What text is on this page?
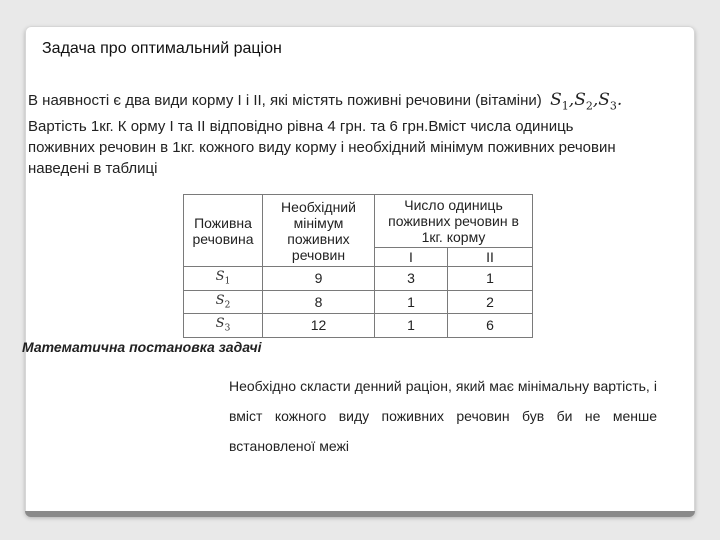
Задача про оптимальний раціон
В наявності є два види корму І і ІІ, які містять поживні речовини (вітаміни) $S_1,S_2,S_3$.
Вартість 1кг. К орму І та ІІ відповідно рівна 4 грн. та 6 грн.Вміст числа одиниць
поживних речовин в 1кг. кожного виду корму і необхідний мінімум поживних речовин
наведені в таблиці
Поживна речовина	Необхідний мінімум поживних речовин	Число одиниць поживних речовин в 1кг. корму	
		І	ІІ
$S_1$	9	3	1
$S_2$	8	1	2
$S_3$	12	1	6
Математична постановка задачі
Необхідно скласти денний раціон, який має мінімальну вартість, і вміст кожного виду поживних речовин був би не менше встановленої межі
